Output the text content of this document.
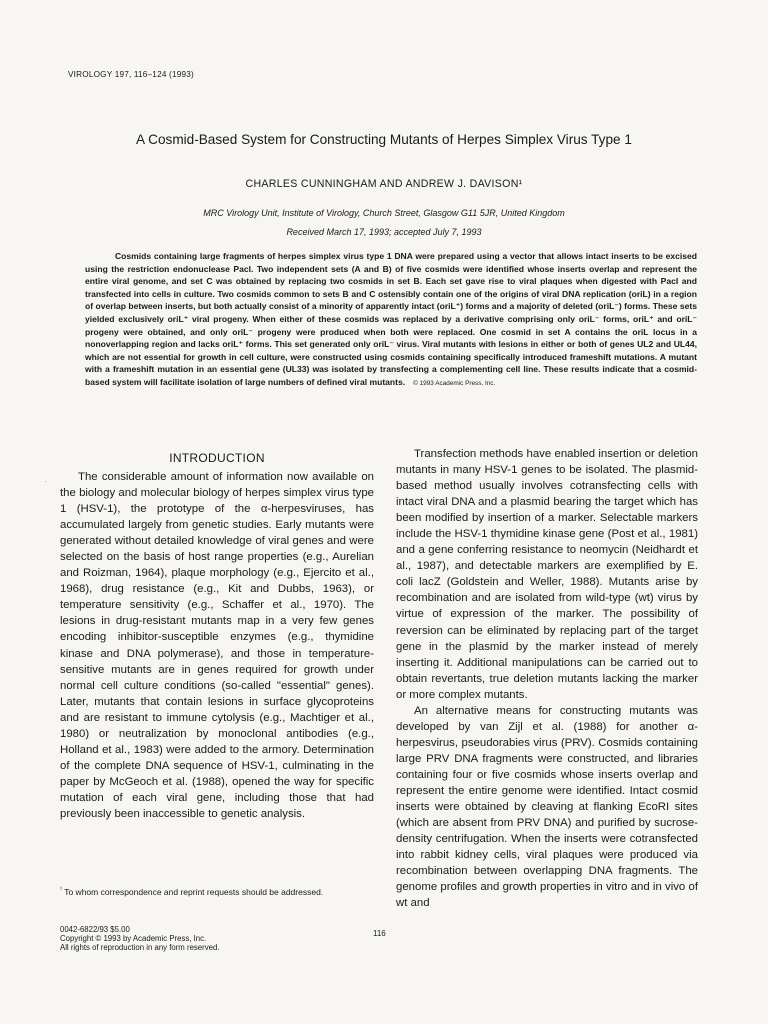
VIROLOGY 197, 116–124 (1993)
A Cosmid-Based System for Constructing Mutants of Herpes Simplex Virus Type 1
CHARLES CUNNINGHAM AND ANDREW J. DAVISON¹
MRC Virology Unit, Institute of Virology, Church Street, Glasgow G11 5JR, United Kingdom
Received March 17, 1993; accepted July 7, 1993

Cosmids containing large fragments of herpes simplex virus type 1 DNA were prepared using a vector that allows intact inserts to be excised using the restriction endonuclease PacI. Two independent sets (A and B) of five cosmids were identified whose inserts overlap and represent the entire viral genome, and set C was obtained by replacing two cosmids in set B. Each set gave rise to viral plaques when digested with PacI and transfected into cells in culture. Two cosmids common to sets B and C ostensibly contain one of the origins of viral DNA replication (oriL) in a region of overlap between inserts, but both actually consist of a minority of apparently intact (oriL⁺) forms and a majority of deleted (oriL⁻) forms. These sets yielded exclusively oriL⁺ viral progeny. When either of these cosmids was replaced by a derivative comprising only oriL⁻ forms, oriL⁺ and oriL⁻ progeny were obtained, and only oriL⁻ progeny were produced when both were replaced. One cosmid in set A contains the oriL locus in a nonoverlapping region and lacks oriL⁺ forms. This set generated only oriL⁻ virus. Viral mutants with lesions in either or both of genes UL2 and UL44, which are not essential for growth in cell culture, were constructed using cosmids containing specifically introduced frameshift mutations. A mutant with a frameshift mutation in an essential gene (UL33) was isolated by transfecting a complementing cell line. These results indicate that a cosmid-based system will facilitate isolation of large numbers of defined viral mutants. © 1993 Academic Press, Inc.

·	The considerable amount of information now available on the biology and molecular biology of herpes simplex virus type 1 (HSV-1), the prototype of the α-herpesviruses, has accumulated largely from genetic studies. Early mutants were generated without detailed knowledge of viral genes and were selected on the basis of host range properties (e.g., Aurelian and Roizman, 1964), plaque morphology (e.g., Ejercito et al., 1968), drug resistance (e.g., Kit and Dubbs, 1963), or temperature sensitivity (e.g., Schaffer et al., 1970). The lesions in drug-resistant mutants map in a very few genes encoding inhibitor-susceptible enzymes (e.g., thymidine kinase and DNA polymerase), and those in temperature-sensitive mutants are in genes required for growth under normal cell culture conditions (so-called "essential" genes). Later, mutants that contain lesions in surface glycoproteins and are resistant to immune cytolysis (e.g., Machtiger et al., 1980) or neutralization by monoclonal antibodies (e.g., Holland et al., 1983) were added to the armory. Determination of the complete DNA sequence of HSV-1, culminating in the paper by McGeoch et al. (1988), opened the way for specific mutation of each viral gene, including those that had previously been inaccessible to genetic analysis.

Transfection methods have enabled insertion or deletion mutants in many HSV-1 genes to be isolated. The plasmid-based method usually involves cotransfecting cells with intact viral DNA and a plasmid bearing the target which has been modified by insertion of a marker. Selectable markers include the HSV-1 thymidine kinase gene (Post et al., 1981) and a gene conferring resistance to neomycin (Neidhardt et al., 1987), and detectable markers are exemplified by E. coli lacZ (Goldstein and Weller, 1988). Mutants arise by recombination and are isolated from wild-type (wt) virus by virtue of expression of the marker. The possibility of reversion can be eliminated by replacing part of the target gene in the plasmid by the marker instead of merely inserting it. Additional manipulations can be carried out to obtain revertants, true deletion mutants lacking the marker or more complex mutants.

An alternative means for constructing mutants was developed by van Zijl et al. (1988) for another α-herpesvirus, pseudorabies virus (PRV). Cosmids containing large PRV DNA fragments were constructed, and libraries containing four or five cosmids whose inserts overlap and represent the entire genome were identified. Intact cosmid inserts were obtained by cleaving at flanking EcoRI sites (which are absent from PRV DNA) and purified by sucrose-density centrifugation. When the inserts were cotransfected into rabbit kidney cells, viral plaques were produced via recombination between overlapping DNA fragments. The genome profiles and growth properties in vitro and in vivo of wt and

INTRODUCTION
$^{^1}$ To whom correspondence and reprint requests should be addressed.
0042-6822/93 $5.00
Copyright © 1993 by Academic Press, Inc.
All rights of reproduction in any form reserved.
116
